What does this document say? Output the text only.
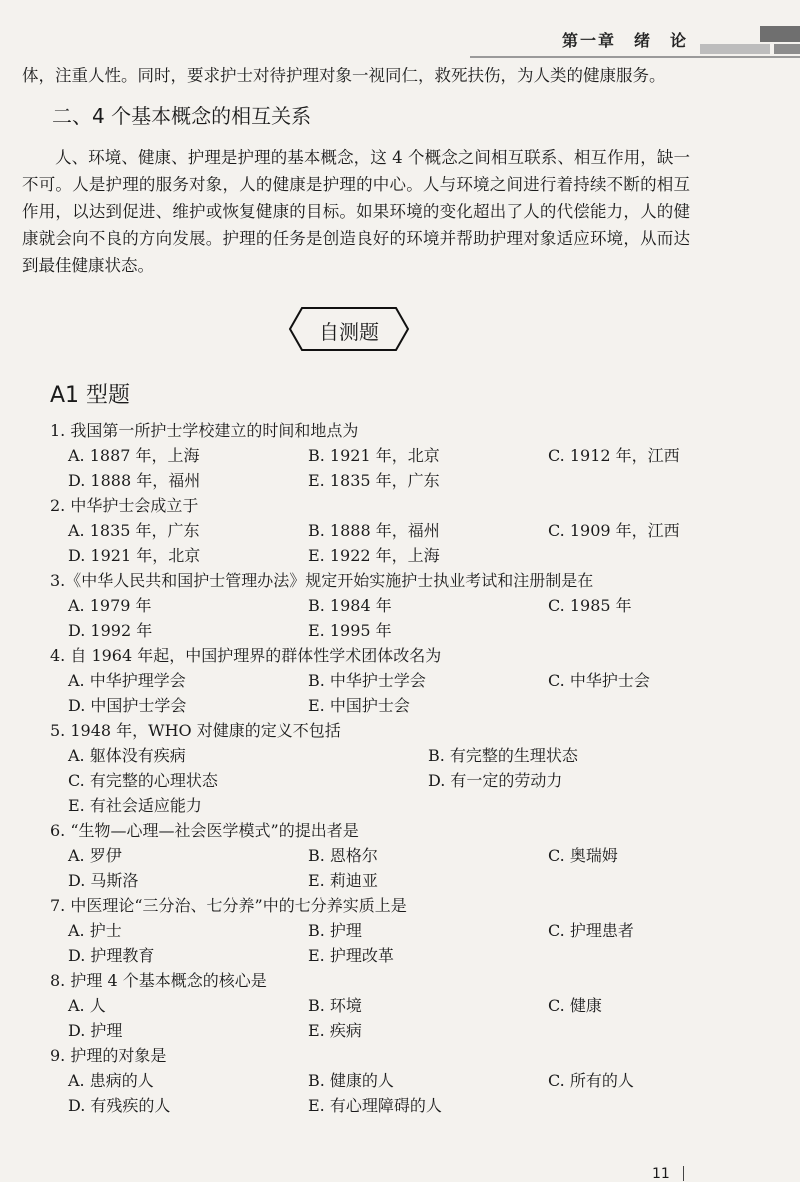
第一章　绪　论
体，注重人性。同时，要求护士对待护理对象一视同仁，救死扶伤，为人类的健康服务。
二、4 个基本概念的相互关系
人、环境、健康、护理是护理的基本概念，这 4 个概念之间相互联系、相互作用，缺一不可。人是护理的服务对象，人的健康是护理的中心。人与环境之间进行着持续不断的相互作用，以达到促进、维护或恢复健康的目标。如果环境的变化超出了人的代偿能力，人的健康就会向不良的方向发展。护理的任务是创造良好的环境并帮助护理对象适应环境，从而达到最佳健康状态。
自测题
A1 型题
1. 我国第一所护士学校建立的时间和地点为
A. 1887 年，上海	B. 1921 年，北京	C. 1912 年，江西
D. 1888 年，福州	E. 1835 年，广东
2. 中华护士会成立于
A. 1835 年，广东	B. 1888 年，福州	C. 1909 年，江西
D. 1921 年，北京	E. 1922 年，上海
3.《中华人民共和国护士管理办法》规定开始实施护士执业考试和注册制是在
A. 1979 年	B. 1984 年	C. 1985 年
D. 1992 年	E. 1995 年
4. 自 1964 年起，中国护理界的群体性学术团体改名为
A. 中华护理学会	B. 中华护士学会	C. 中华护士会
D. 中国护士学会	E. 中国护士会
5. 1948 年，WHO 对健康的定义不包括
A. 躯体没有疾病	B. 有完整的生理状态
C. 有完整的心理状态	D. 有一定的劳动力
E. 有社会适应能力
6. “生物—心理—社会医学模式”的提出者是
A. 罗伊	B. 恩格尔	C. 奥瑞姆
D. 马斯洛	E. 莉迪亚
7. 中医理论“三分治、七分养”中的七分养实质上是
A. 护士	B. 护理	C. 护理患者
D. 护理教育	E. 护理改革
8. 护理 4 个基本概念的核心是
A. 人	B. 环境	C. 健康
D. 护理	E. 疾病
9. 护理的对象是
A. 患病的人	B. 健康的人	C. 所有的人
D. 有残疾的人	E. 有心理障碍的人
11
